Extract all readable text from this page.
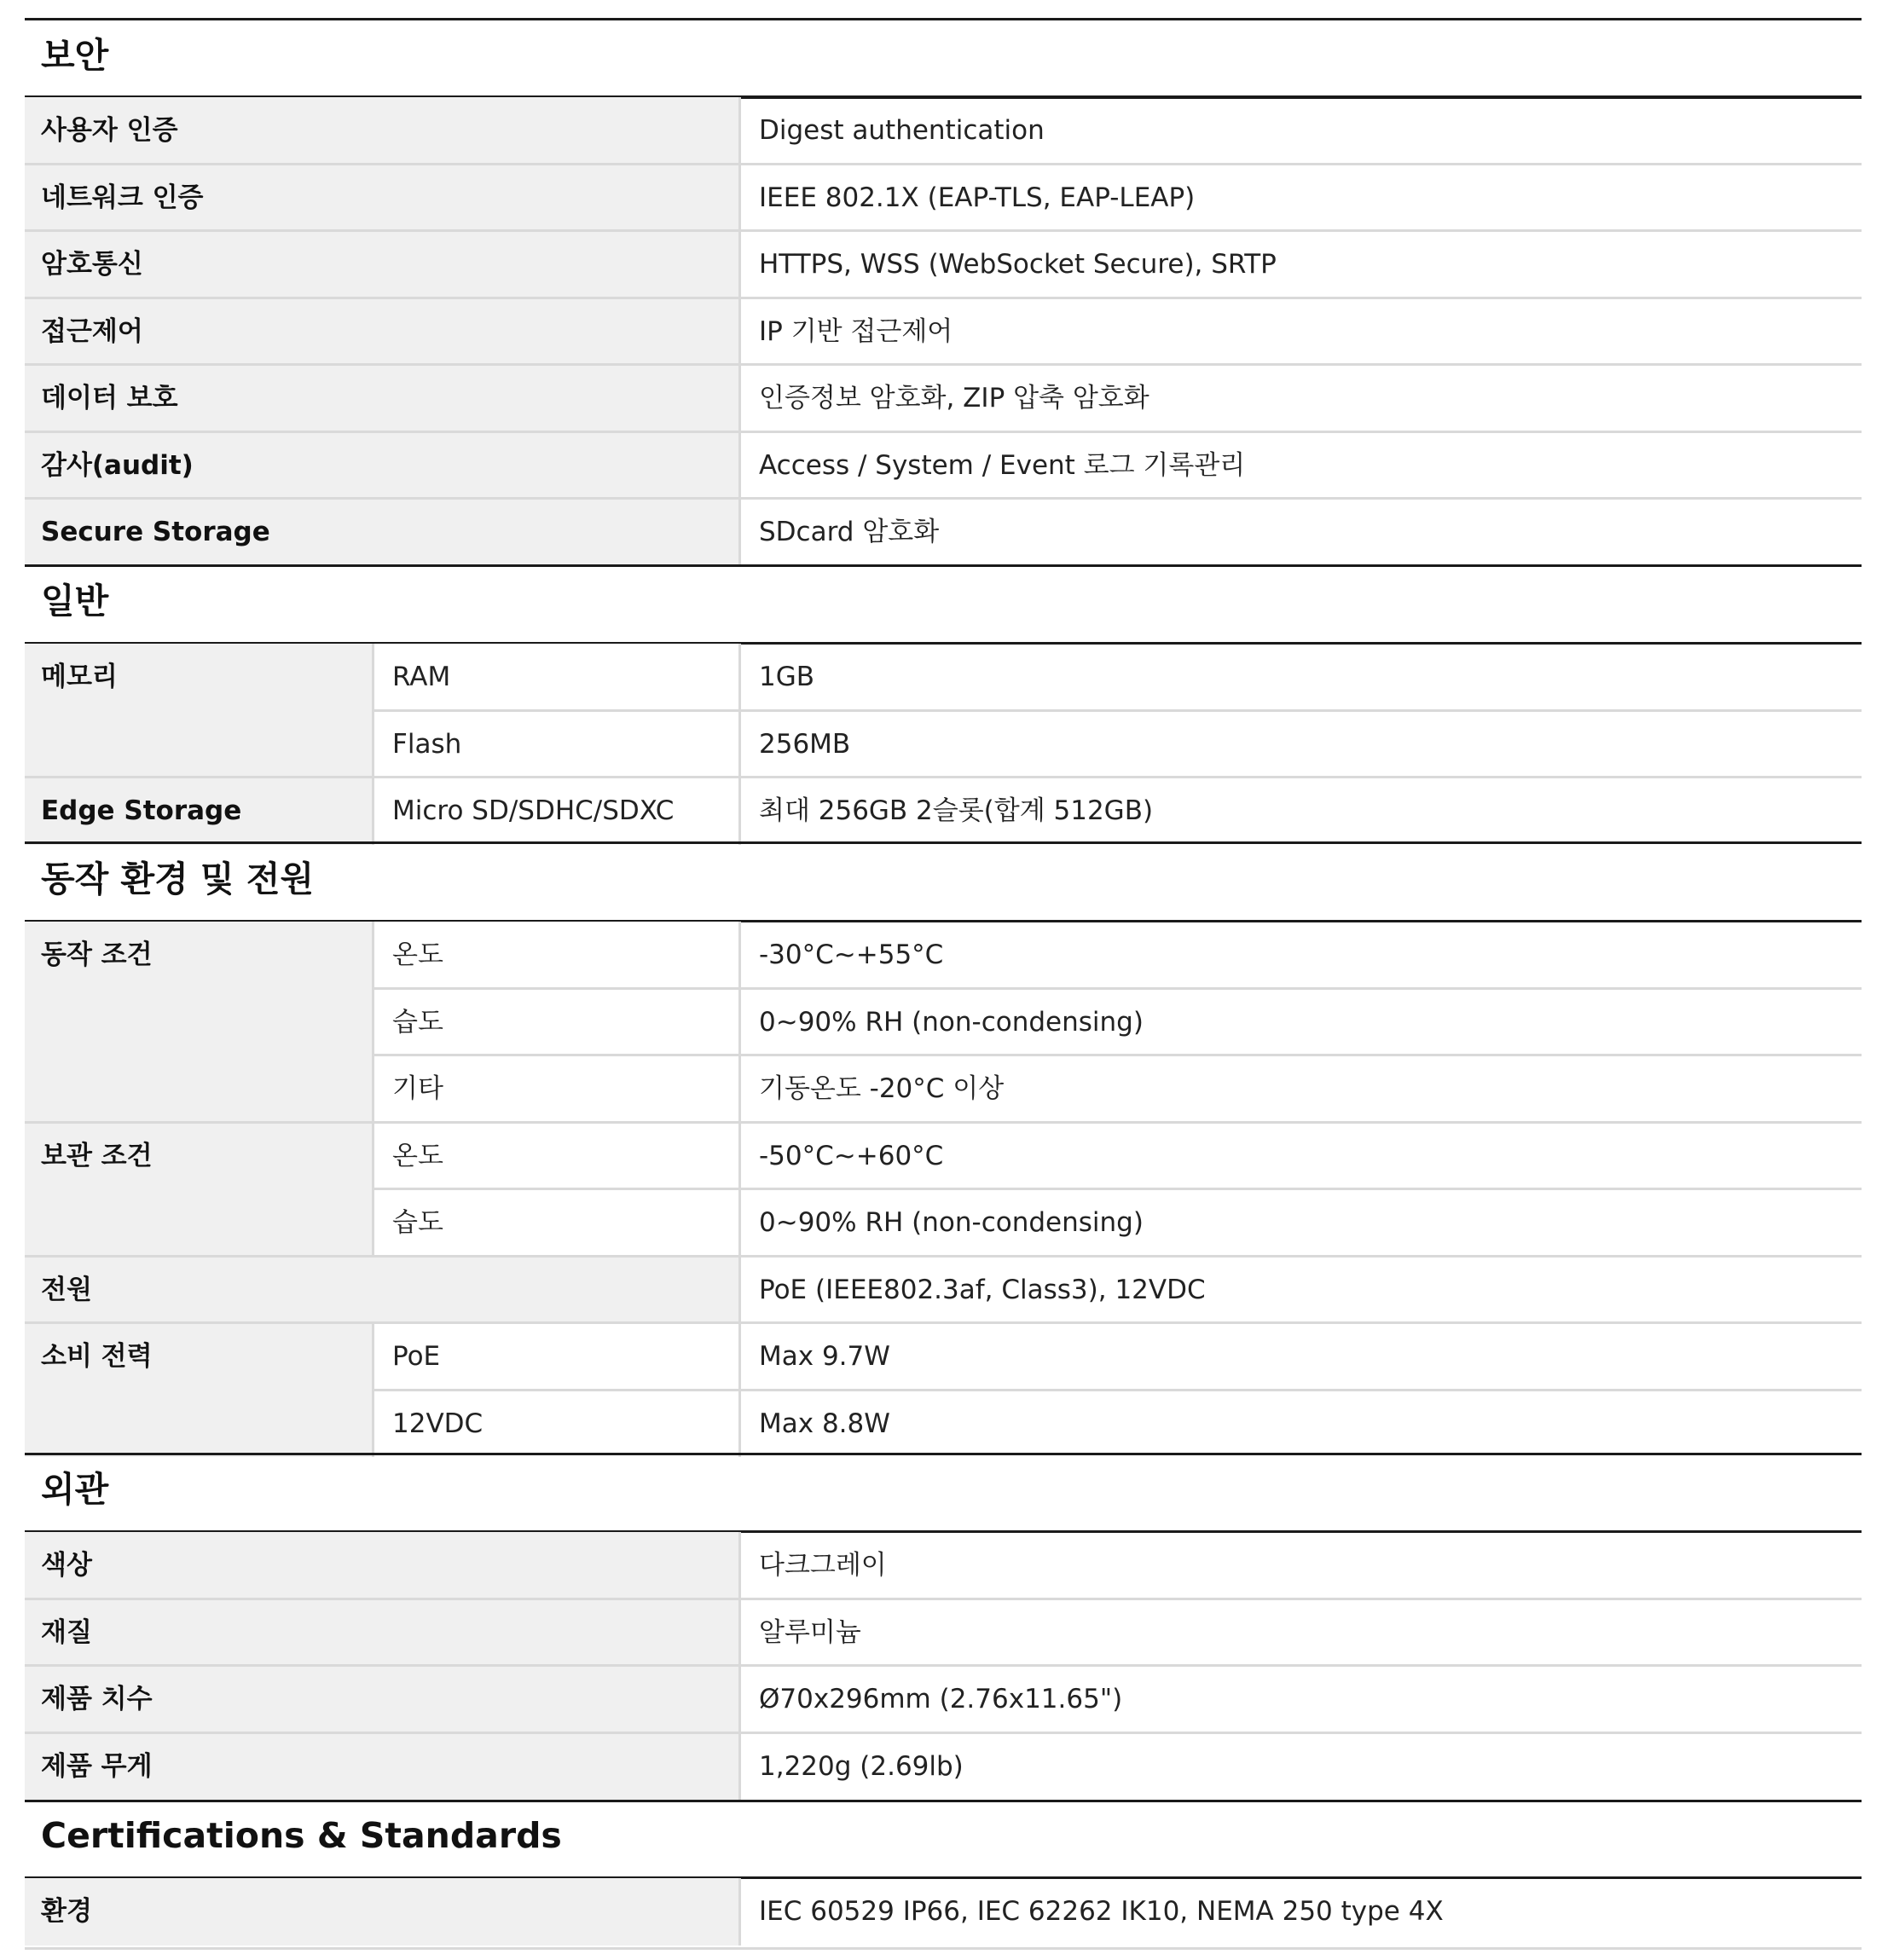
보안
사용자 인증	Digest authentication
네트워크 인증	IEEE 802.1X (EAP-TLS, EAP-LEAP)
암호통신	HTTPS, WSS (WebSocket Secure), SRTP
접근제어	IP 기반 접근제어
데이터 보호	인증정보 암호화, ZIP 압축 암호화
감사(audit)	Access / System / Event 로그 기록관리
Secure Storage	SDcard 암호화
일반
메모리	RAM	1GB
Flash	256MB
Edge Storage	Micro SD/SDHC/SDXC	최대 256GB 2슬롯(합계 512GB)
동작 환경 및 전원
동작 조건	온도	-30°C~+55°C
습도	0~90% RH (non-condensing)
기타	기동온도 -20°C 이상
보관 조건	온도	-50°C~+60°C
습도	0~90% RH (non-condensing)
전원	PoE (IEEE802.3af, Class3), 12VDC
소비 전력	PoE	Max 9.7W
12VDC	Max 8.8W
외관
색상	다크그레이
재질	알루미늄
제품 치수	Ø70x296mm (2.76x11.65")
제품 무게	1,220g (2.69lb)
Certifications & Standards
환경	IEC 60529 IP66, IEC 62262 IK10, NEMA 250 type 4X
